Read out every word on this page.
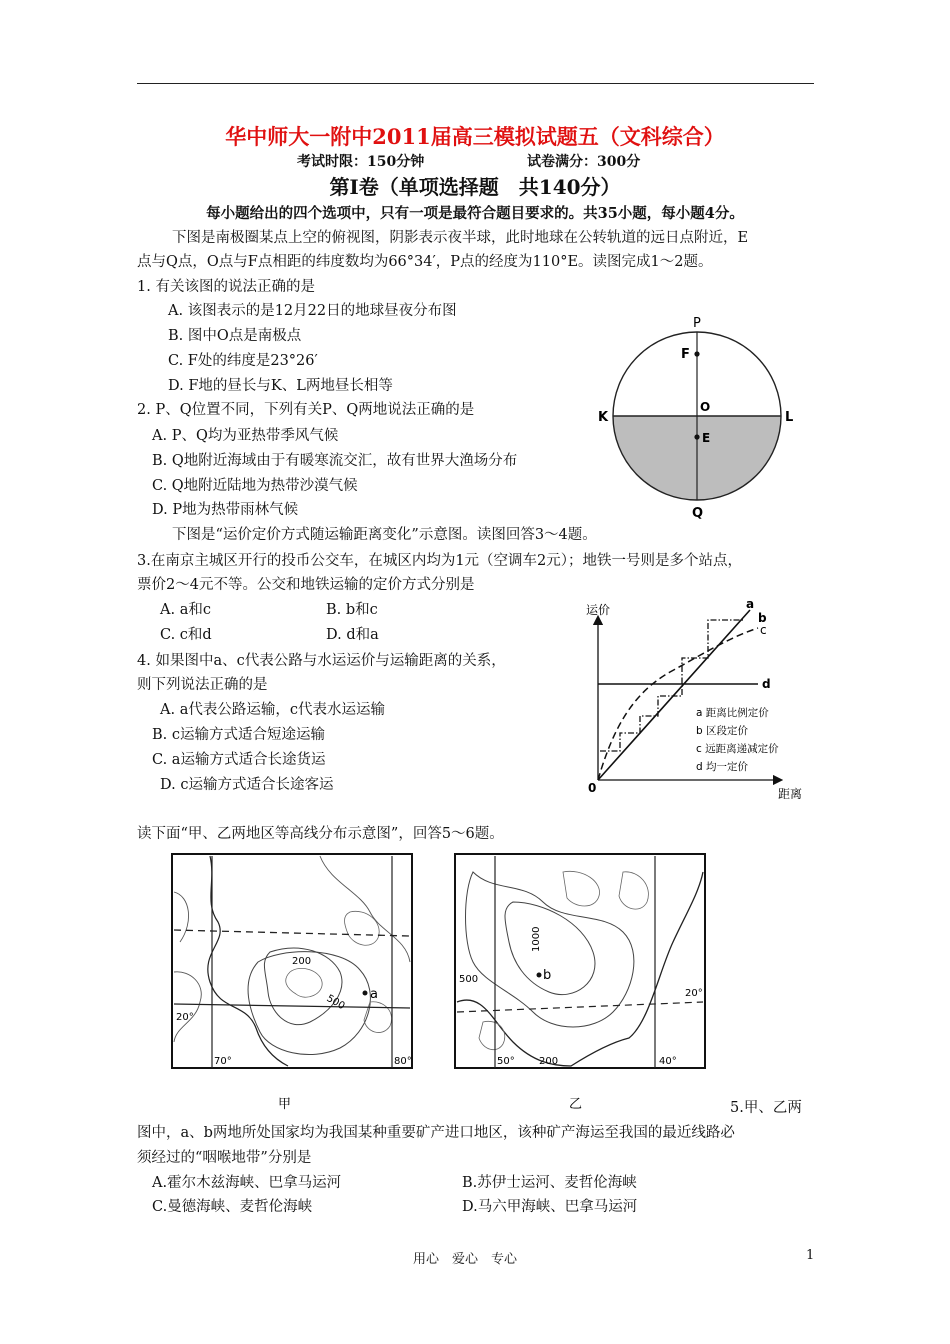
华中师大一附中2011届高三模拟试题五（文科综合）
考试时限：150分钟	试卷满分：300分
第Ⅰ卷（单项选择题　共140分）
每小题给出的四个选项中，只有一项是最符合题目要求的。共35小题，每小题4分。
下图是南极圈某点上空的俯视图，阴影表示夜半球，此时地球在公转轨道的远日点附近，E
点与Q点，O点与F点相距的纬度数均为66°34′，P点的经度为110°E。读图完成1～2题。
1. 有关该图的说法正确的是
A. 该图表示的是12月22日的地球昼夜分布图
B. 图中O点是南极点
C. F处的纬度是23°26′
D. F地的昼长与K、L两地昼长相等
2. P、Q位置不同，下列有关P、Q两地说法正确的是
A. P、Q均为亚热带季风气候
B. Q地附近海域由于有暖寒流交汇，故有世界大渔场分布
C. Q地附近陆地为热带沙漠气候
D. P地为热带雨林气候
P
F
O
K	L
E
Q
下图是“运价定价方式随运输距离变化”示意图。读图回答3～4题。
3.在南京主城区开行的投币公交车，在城区内均为1元（空调车2元）；地铁一号则是多个站点，
票价2～4元不等。公交和地铁运输的定价方式分别是
A. a和c	B. b和c
C. c和d	D. d和a
4. 如果图中a、c代表公路与水运运价与运输距离的关系，
则下列说法正确的是
A. a代表公路运输，c代表水运运输
B. c运输方式适合短途运输
C. a运输方式适合长途货运
D. c运输方式适合长途客运
运价
距离
0
a
b
c
d
a 距离比例定价
b 区段定价
c 远距离递减定价
d 均一定价
读下面“甲、乙两地区等高线分布示意图”，回答5～6题。
200
500 a
20°
70°	80°
甲
1000
500	b
20°
50° 200	40°
乙	5.甲、乙两
图中，a、b两地所处国家均为我国某种重要矿产进口地区，该种矿产海运至我国的最近线路必
须经过的“咽喉地带”分别是
A.霍尔木兹海峡、巴拿马运河	B.苏伊士运河、麦哲伦海峡
C.曼德海峡、麦哲伦海峡	D.马六甲海峡、巴拿马运河
用心　爱心　专心	1
